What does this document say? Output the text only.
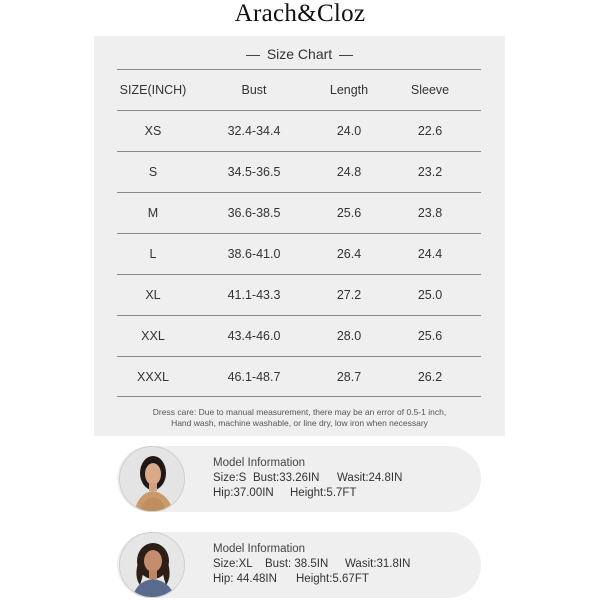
Arach&Cloz
Size Chart
SIZE(INCH)	Bust	Length	Sleeve
XS	32.4-34.4	24.0	22.6
S	34.5-36.5	24.8	23.2
M	36.6-38.5	25.6	23.8
L	38.6-41.0	26.4	24.4
XL	41.1-43.3	27.2	25.0
XXL	43.4-46.0	28.0	25.6
XXXL	46.1-48.7	28.7	26.2
Dress care: Due to manual measurement, there may be an error of 0.5-1 inch,
Hand wash, machine washable, or line dry, low iron when necessary
Model Information
Size:S Bust:33.26IN Wasit:24.8IN
Hip:37.00IN Height:5.7FT
Model Information
Size:XL Bust: 38.5IN Wasit:31.8IN
Hip: 44.48IN Height:5.67FT
